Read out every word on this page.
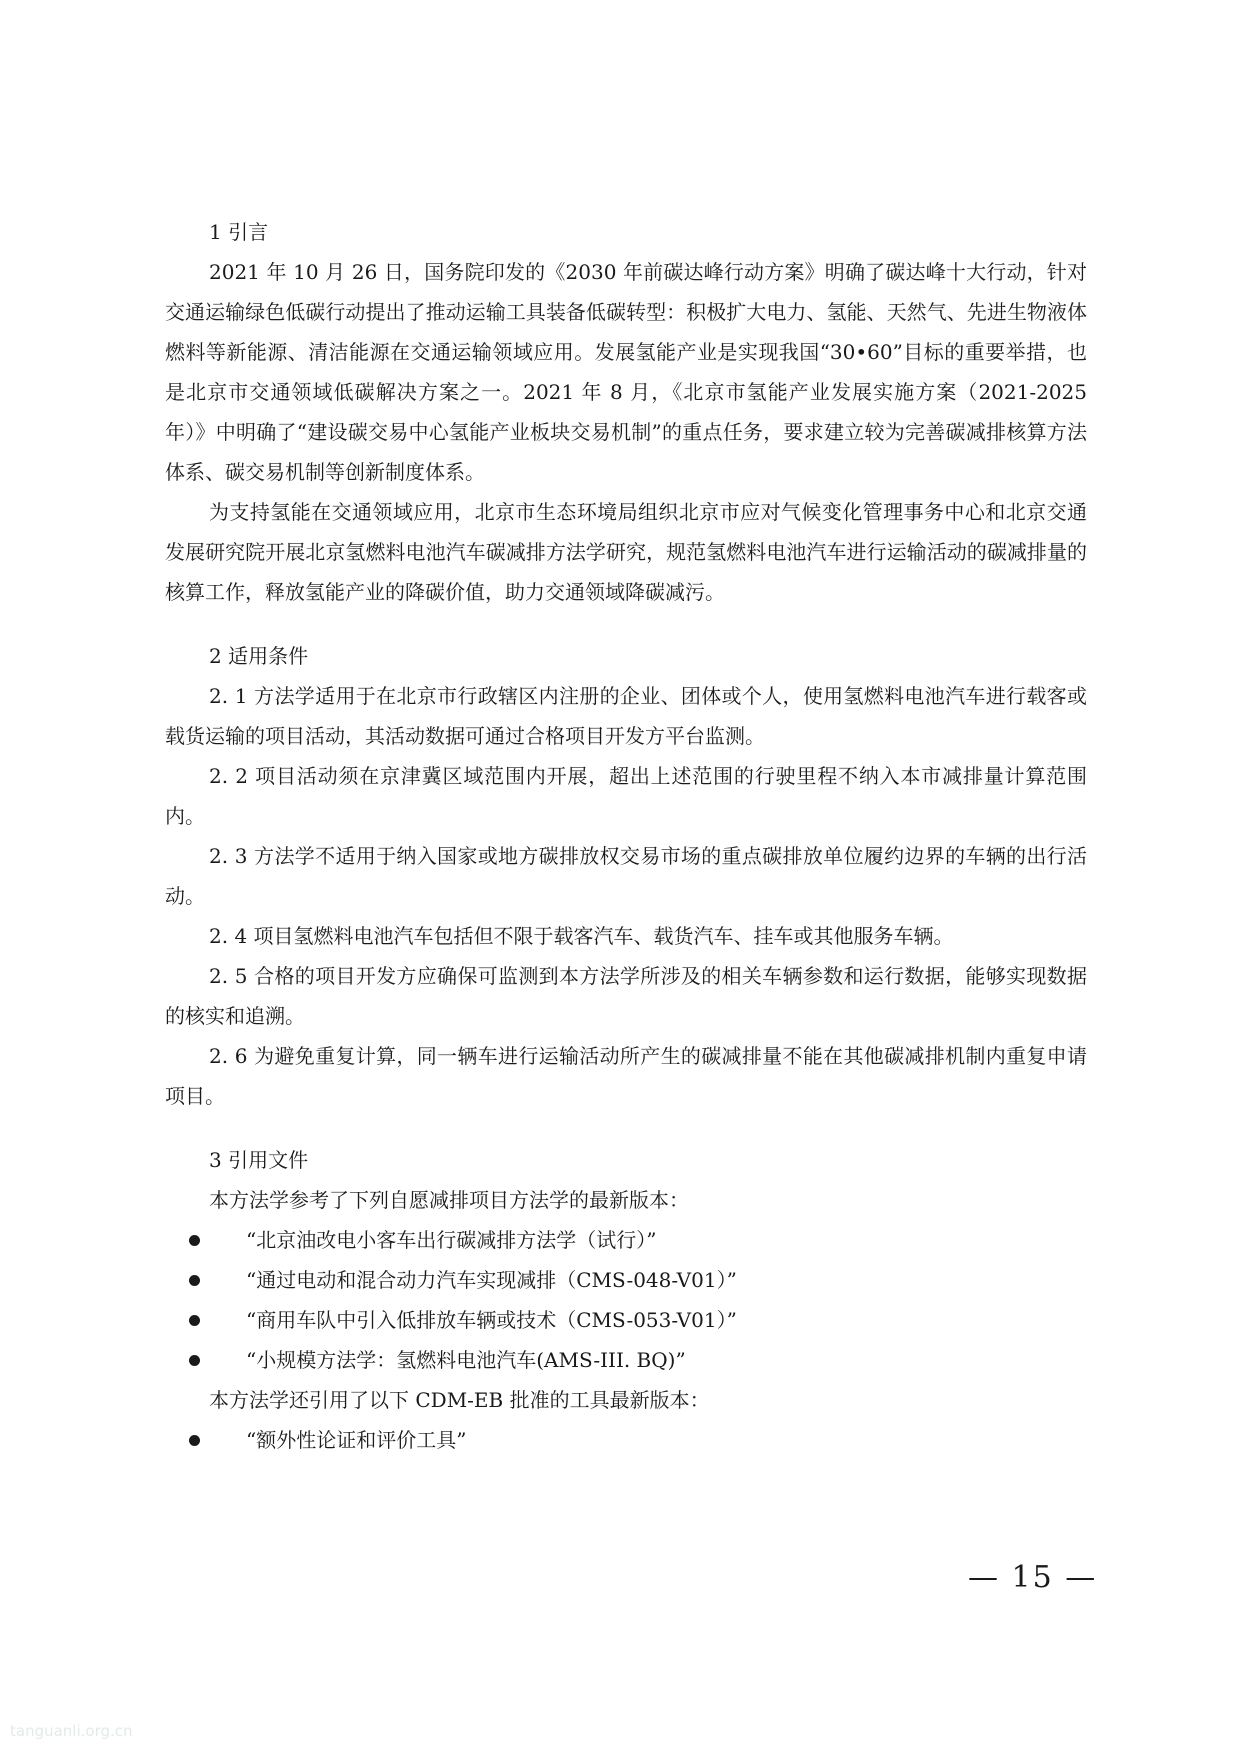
1 引言

2021 年 10 月 26 日，国务院印发的《2030 年前碳达峰行动方案》明确了碳达峰十大行动，针对交通运输绿色低碳行动提出了推动运输工具装备低碳转型：积极扩大电力、氢能、天然气、先进生物液体燃料等新能源、清洁能源在交通运输领域应用。发展氢能产业是实现我国“30•60”目标的重要举措，也是北京市交通领域低碳解决方案之一。2021 年 8 月，《北京市氢能产业发展实施方案（2021-2025 年）》中明确了“建设碳交易中心氢能产业板块交易机制”的重点任务，要求建立较为完善碳减排核算方法体系、碳交易机制等创新制度体系。

为支持氢能在交通领域应用，北京市生态环境局组织北京市应对气候变化管理事务中心和北京交通发展研究院开展北京氢燃料电池汽车碳减排方法学研究，规范氢燃料电池汽车进行运输活动的碳减排量的核算工作，释放氢能产业的降碳价值，助力交通领域降碳减污。

2 适用条件

2. 1 方法学适用于在北京市行政辖区内注册的企业、团体或个人，使用氢燃料电池汽车进行载客或载货运输的项目活动，其活动数据可通过合格项目开发方平台监测。

2. 2 项目活动须在京津冀区域范围内开展，超出上述范围的行驶里程不纳入本市减排量计算范围内。

2. 3 方法学不适用于纳入国家或地方碳排放权交易市场的重点碳排放单位履约边界的车辆的出行活动。

2. 4 项目氢燃料电池汽车包括但不限于载客汽车、载货汽车、挂车或其他服务车辆。

2. 5 合格的项目开发方应确保可监测到本方法学所涉及的相关车辆参数和运行数据，能够实现数据的核实和追溯。

2. 6 为避免重复计算，同一辆车进行运输活动所产生的碳减排量不能在其他碳减排机制内重复申请项目。

3 引用文件

本方法学参考了下列自愿减排项目方法学的最新版本：

“北京油改电小客车出行碳减排方法学（试行）”
“通过电动和混合动力汽车实现减排（CMS-048-V01）”
“商用车队中引入低排放车辆或技术（CMS-053-V01）”
“小规模方法学：氢燃料电池汽车(AMS-III. BQ)”

本方法学还引用了以下 CDM-EB 批准的工具最新版本：

“额外性论证和评价工具”
— 15 —
tanguanli.org.cn
